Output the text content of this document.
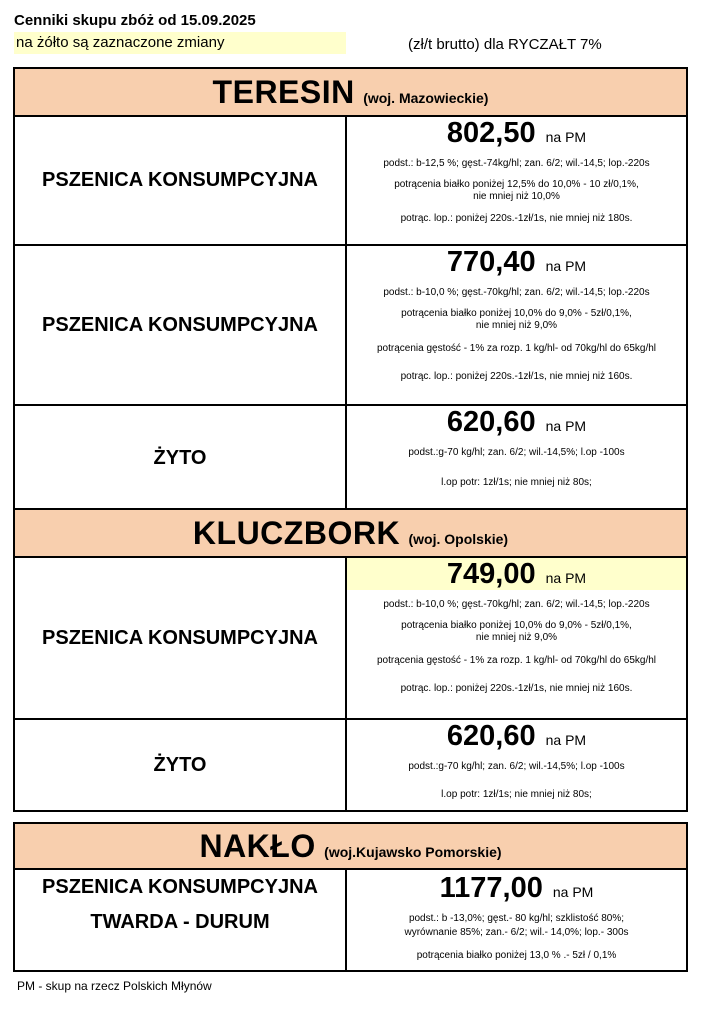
Cenniki skupu zbóż od 15.09.2025
na żółto są zaznaczone zmiany	(zł/t brutto) dla RYCZAŁT 7%
TERESIN (woj. Mazowieckie)
PSZENICA KONSUMPCYJNA
802,50 na PM
podst.: b-12,5 %; gęst.-74kg/hl; zan. 6/2; wil.-14,5; lop.-220s
potrącenia białko poniżej 12,5% do 10,0% - 10 zł/0,1%,
nie mniej niż 10,0%
potrąc. lop.: poniżej 220s.-1zł/1s, nie mniej niż 180s.
PSZENICA KONSUMPCYJNA
770,40 na PM
podst.: b-10,0 %; gęst.-70kg/hl; zan. 6/2; wil.-14,5; lop.-220s
potrącenia białko poniżej 10,0% do 9,0% - 5zł/0,1%,
nie mniej niż 9,0%
potrącenia gęstość - 1% za rozp. 1 kg/hl- od 70kg/hl do 65kg/hl
potrąc. lop.: poniżej 220s.-1zł/1s, nie mniej niż 160s.
ŻYTO
620,60 na PM
podst.:g-70 kg/hl; zan. 6/2; wil.-14,5%; l.op -100s
l.op potr: 1zł/1s; nie mniej niż 80s;
KLUCZBORK (woj. Opolskie)
PSZENICA KONSUMPCYJNA
749,00 na PM
podst.: b-10,0 %; gęst.-70kg/hl; zan. 6/2; wil.-14,5; lop.-220s
potrącenia białko poniżej 10,0% do 9,0% - 5zł/0,1%,
nie mniej niż 9,0%
potrącenia gęstość - 1% za rozp. 1 kg/hl- od 70kg/hl do 65kg/hl
potrąc. lop.: poniżej 220s.-1zł/1s, nie mniej niż 160s.
ŻYTO
620,60 na PM
podst.:g-70 kg/hl; zan. 6/2; wil.-14,5%; l.op -100s
l.op potr: 1zł/1s; nie mniej niż 80s;
NAKŁO (woj.Kujawsko Pomorskie)
PSZENICA KONSUMPCYJNA
TWARDA - DURUM
1177,00 na PM
podst.: b -13,0%; gęst.- 80 kg/hl; szklistość 80%;
wyrównanie 85%; zan.- 6/2; wil.- 14,0%; lop.- 300s
potrącenia białko poniżej 13,0 % .- 5zł / 0,1%
PM - skup na rzecz Polskich Młynów
